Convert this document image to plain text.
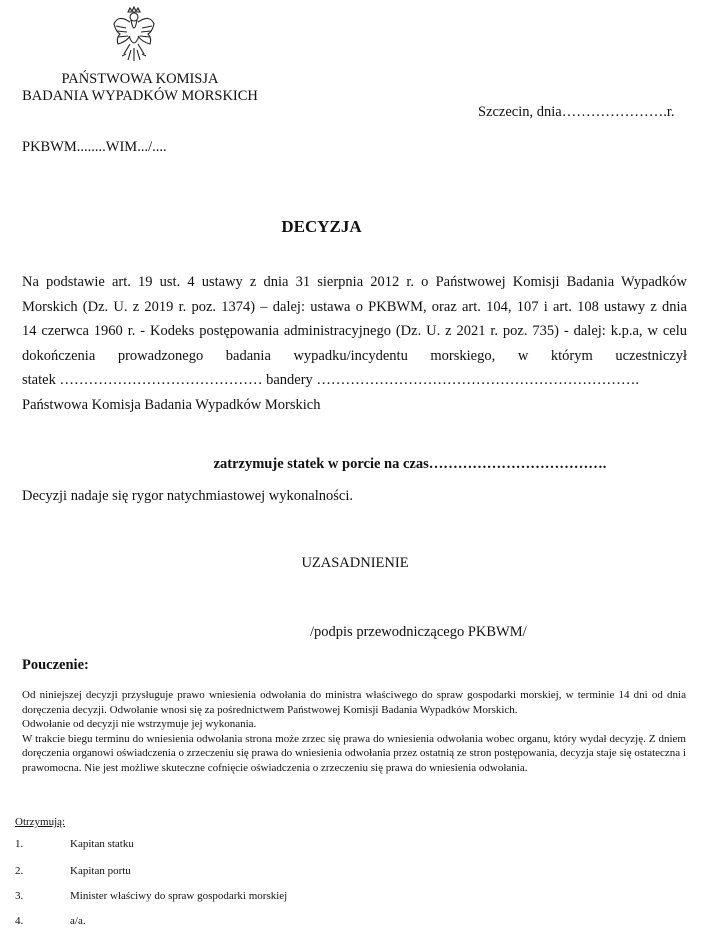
PAŃSTWOWA KOMISJA
BADANIA WYPADKÓW MORSKICH
Szczecin, dnia………………….r.
PKBWM........WIM.../....
DECYZJA
Na podstawie art. 19 ust. 4 ustawy z dnia 31 sierpnia 2012 r. o Państwowej Komisji Badania Wypadków
Morskich (Dz. U. z 2019 r. poz. 1374) – dalej: ustawa o PKBWM, oraz art. 104, 107 i art. 108 ustawy z dnia
14 czerwca 1960 r. - Kodeks postępowania administracyjnego (Dz. U. z 2021 r. poz. 735) - dalej: k.p.a, w celu
dokończenia prowadzonego badania wypadku/incydentu morskiego, w którym uczestniczył
statek …………………………………… bandery ………………………………………………………….
Państwowa Komisja Badania Wypadków Morskich
zatrzymuje statek w porcie na czas……………………………….
Decyzji nadaje się rygor natychmiastowej wykonalności.
UZASADNIENIE
/podpis przewodniczącego PKBWM/
Pouczenie:

Od niniejszej decyzji przysługuje prawo wniesienia odwołania do ministra właściwego do spraw gospodarki morskiej, w terminie 14 dni od dnia doręczenia decyzji. Odwołanie wnosi się za pośrednictwem Państwowej Komisji Badania Wypadków Morskich.

Odwołanie od decyzji nie wstrzymuje jej wykonania.

W trakcie biegu terminu do wniesienia odwołania strona może zrzec się prawa do wniesienia odwołania wobec organu, który wydał decyzję. Z dniem doręczenia organowi oświadczenia o zrzeczeniu się prawa do wniesienia odwołania przez ostatnią ze stron postępowania, decyzja staje się ostateczna i prawomocna. Nie jest możliwe skuteczne cofnięcie oświadczenia o zrzeczeniu się prawa do wniesienia odwołania.

Otrzymują:
1.	Kapitan statku
2.	Kapitan portu
3.	Minister właściwy do spraw gospodarki morskiej
4.	a/a.
